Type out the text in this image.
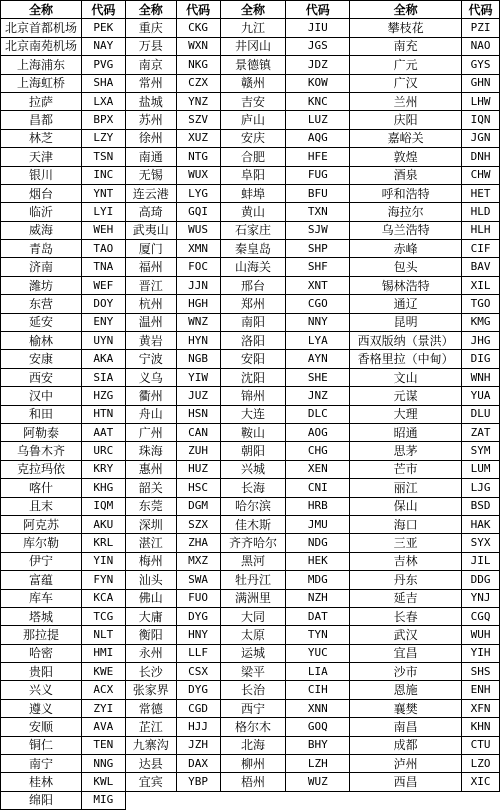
全称	代码	全称	代码	全称	代码	全称	代码
北京首都机场	PEK	重庆	CKG	九江	JIU	攀枝花	PZI
北京南苑机场	NAY	万县	WXN	井冈山	JGS	南充	NAO
上海浦东	PVG	南京	NKG	景德镇	JDZ	广元	GYS
上海虹桥	SHA	常州	CZX	赣州	KOW	广汉	GHN
拉萨	LXA	盐城	YNZ	吉安	KNC	兰州	LHW
昌都	BPX	苏州	SZV	庐山	LUZ	庆阳	IQN
林芝	LZY	徐州	XUZ	安庆	AQG	嘉峪关	JGN
天津	TSN	南通	NTG	合肥	HFE	敦煌	DNH
银川	INC	无锡	WUX	阜阳	FUG	酒泉	CHW
烟台	YNT	连云港	LYG	蚌埠	BFU	呼和浩特	HET
临沂	LYI	高琦	GQI	黄山	TXN	海拉尔	HLD
威海	WEH	武夷山	WUS	石家庄	SJW	乌兰浩特	HLH
青岛	TAO	厦门	XMN	秦皇岛	SHP	赤峰	CIF
济南	TNA	福州	FOC	山海关	SHF	包头	BAV
潍坊	WEF	晋江	JJN	邢台	XNT	锡林浩特	XIL
东营	DOY	杭州	HGH	郑州	CGO	通辽	TGO
延安	ENY	温州	WNZ	南阳	NNY	昆明	KMG
榆林	UYN	黄岩	HYN	洛阳	LYA	西双版纳（景洪）	JHG
安康	AKA	宁波	NGB	安阳	AYN	香格里拉（中甸）	DIG
西安	SIA	义乌	YIW	沈阳	SHE	文山	WNH
汉中	HZG	衢州	JUZ	锦州	JNZ	元谋	YUA
和田	HTN	舟山	HSN	大连	DLC	大理	DLU
阿勒泰	AAT	广州	CAN	鞍山	AOG	昭通	ZAT
乌鲁木齐	URC	珠海	ZUH	朝阳	CHG	思茅	SYM
克拉玛依	KRY	惠州	HUZ	兴城	XEN	芒市	LUM
喀什	KHG	韶关	HSC	长海	CNI	丽江	LJG
且末	IQM	东莞	DGM	哈尔滨	HRB	保山	BSD
阿克苏	AKU	深圳	SZX	佳木斯	JMU	海口	HAK
库尔勒	KRL	湛江	ZHA	齐齐哈尔	NDG	三亚	SYX
伊宁	YIN	梅州	MXZ	黑河	HEK	吉林	JIL
富蕴	FYN	汕头	SWA	牡丹江	MDG	丹东	DDG
库车	KCA	佛山	FUO	满洲里	NZH	延吉	YNJ
塔城	TCG	大庸	DYG	大同	DAT	长春	CGQ
那拉提	NLT	衡阳	HNY	太原	TYN	武汉	WUH
哈密	HMI	永州	LLF	运城	YUC	宜昌	YIH
贵阳	KWE	长沙	CSX	梁平	LIA	沙市	SHS
兴义	ACX	张家界	DYG	长治	CIH	恩施	ENH
遵义	ZYI	常德	CGD	西宁	XNN	襄樊	XFN
安顺	AVA	芷江	HJJ	格尔木	GOQ	南昌	KHN
铜仁	TEN	九寨沟	JZH	北海	BHY	成都	CTU
南宁	NNG	达县	DAX	柳州	LZH	泸州	LZO
桂林	KWL	宜宾	YBP	梧州	WUZ	西昌	XIC
绵阳	MIG						
